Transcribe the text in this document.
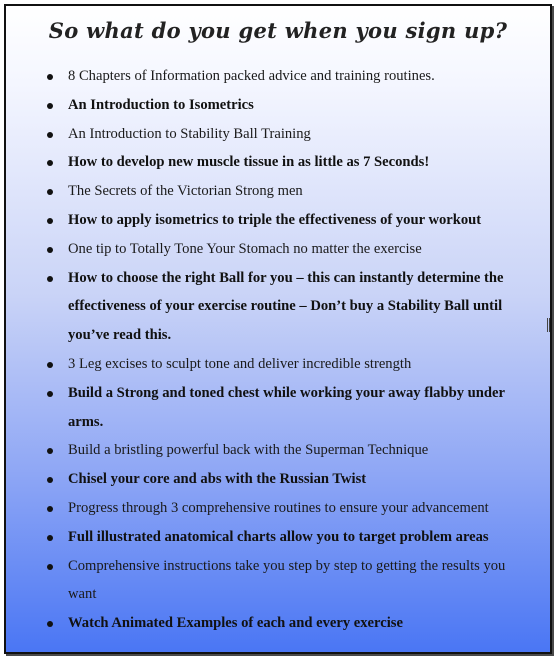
So what do you get when you sign up?
8 Chapters of Information packed advice and training routines.
An Introduction to Isometrics
An Introduction to Stability Ball Training
How to develop new muscle tissue in as little as 7 Seconds!
The Secrets of the Victorian Strong men
How to apply isometrics to triple the effectiveness of your workout
One tip to Totally Tone Your Stomach no matter the exercise
How to choose the right Ball for you – this can instantly determine the effectiveness of your exercise routine – Don’t buy a Stability Ball until you’ve read this.
3 Leg excises to sculpt tone and deliver incredible strength
Build a Strong and toned chest while working your away flabby under arms.
Build a bristling powerful back with the Superman Technique
Chisel your core and abs with the Russian Twist
Progress through 3 comprehensive routines to ensure your advancement
Full illustrated anatomical charts allow you to target problem areas
Comprehensive instructions take you step by step to getting the results you want
Watch Animated Examples of each and every exercise
